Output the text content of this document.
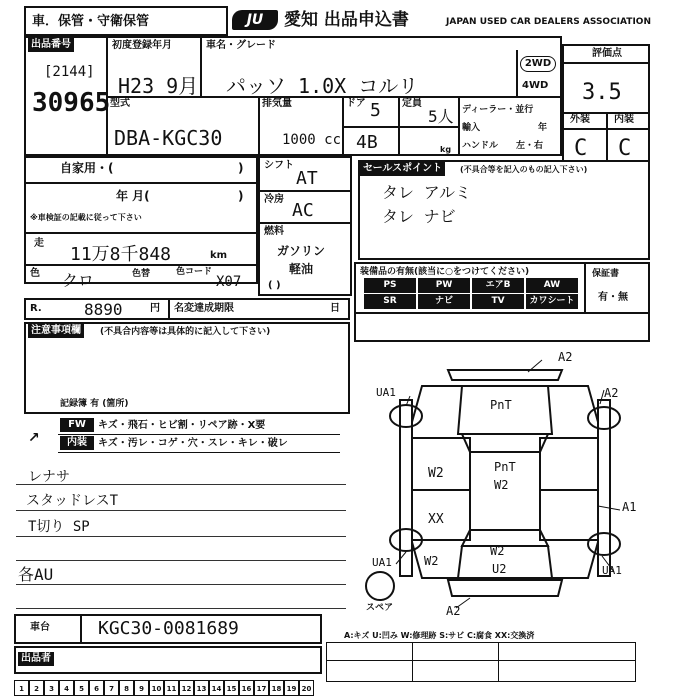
車．保管・守衛保管	JU	愛知 出品申込書	JAPAN USED CAR DEALERS ASSOCIATION
出品番号
[2144]
30965
初度登録年月
H23 9月
車名・グレード
パッソ 1.0X コルリ
2WD
4WD
型式
DBA-KGC30
排気量
1000 cc
ドア 5
4B
定員
5人
kg
ディーラー・並行
輸入	年
ハンドル 左・右
評価点
3.5
外装 内装
C C
自家用・(	)
年 月(	)
※車検証の記載に従って下さい
走
11万8千848	km
色 クロ	色替	色コード
X07
シフト
AT
冷房
AC
燃料
ガソリン 軽油
( )
セールスポイント	(不具合等を記入のもの記入下さい)
タレ アルミ
タレ ナビ
装備品の有無(該当に○をつけてください)
PS	PW	エアB	AW
SR	ナビ	TV	カワシート
保証書
有・無
R.	8890	円 名変達成期限	日
注意事項欄	(不具合内容等は具体的に記入して下さい)
記録簿 有 (箇所)
FW	キズ・飛石・ヒビ割・リペア跡・X要
内装	キズ・汚レ・コゲ・穴・スレ・キレ・破レ
↗
レナサ
スタッドレスT
T切り SP
各AU
車台	KGC30-0081689
出品者
1	2	3	4	5	6	7	8	9	10 11 12 13 14 15 16 17 18 19 20
A2
UA1	A2
PnT
W2	PnT
W2
XX
A1
UA1	W2
W2
U2	UA1
スペア	A2
A:キズ U:凹み W:修理跡 S:サビ C:腐食 XX:交換済
